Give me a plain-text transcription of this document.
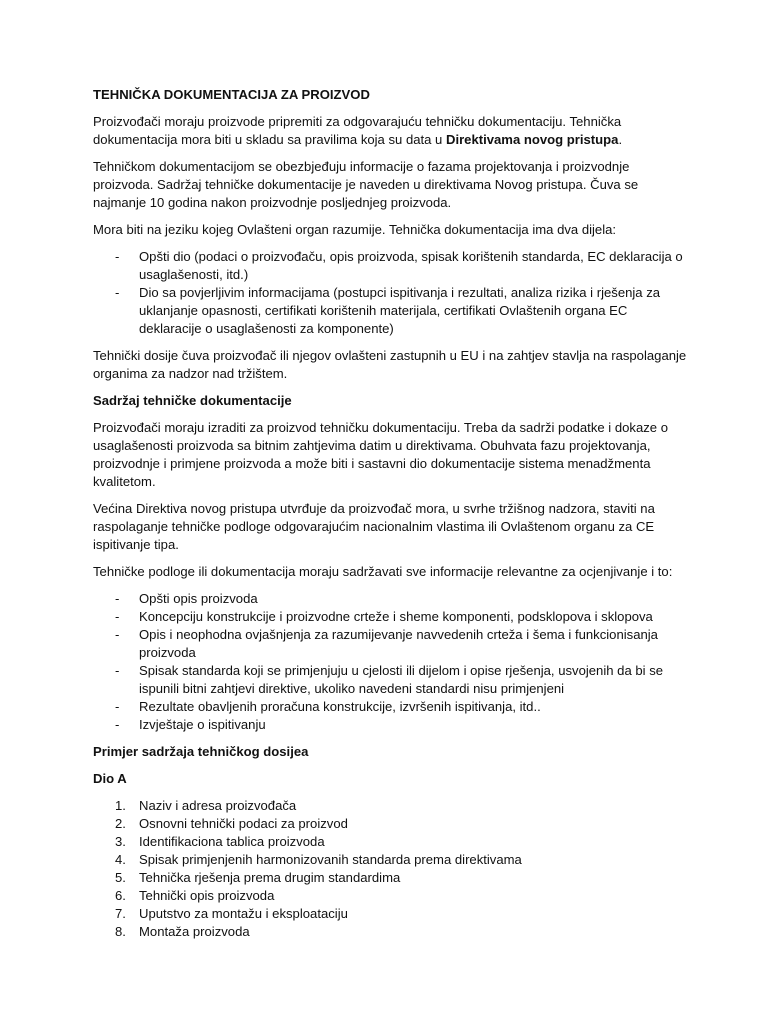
TEHNIČKA DOKUMENTACIJA ZA PROIZVOD

Proizvođači moraju proizvode pripremiti za odgovarajuću tehničku dokumentaciju. Tehnička dokumentacija mora biti u skladu sa pravilima koja su data u Direktivama novog pristupa.

Tehničkom dokumentacijom se obezbjeđuju informacije o fazama projektovanja i proizvodnje proizvoda. Sadržaj tehničke dokumentacije je naveden u direktivama Novog pristupa. Čuva se najmanje 10 godina nakon proizvodnje posljednjeg proizvoda.

Mora biti na jeziku kojeg Ovlašteni organ razumije. Tehnička dokumentacija ima dva dijela:

- Opšti dio (podaci o proizvođaču, opis proizvoda, spisak korištenih standarda, EC deklaracija o usaglašenosti, itd.)
- Dio sa povjerljivim informacijama (postupci ispitivanja i rezultati, analiza rizika i rješenja za uklanjanje opasnosti, certifikati korištenih materijala, certifikati Ovlaštenih organa EC deklaracije o usaglašenosti za komponente)

Tehnički dosije čuva proizvođač ili njegov ovlašteni zastupnih u EU i na zahtjev stavlja na raspolaganje organima za nadzor nad tržištem.

Sadržaj tehničke dokumentacije

Proizvođači moraju izraditi za proizvod tehničku dokumentaciju. Treba da sadrži podatke i dokaze o usaglašenosti proizvoda sa bitnim zahtjevima datim u direktivama. Obuhvata fazu projektovanja, proizvodnje i primjene proizvoda a može biti i sastavni dio dokumentacije sistema menadžmenta kvalitetom.

Većina Direktiva novog pristupa utvrđuje da proizvođač mora, u svrhe tržišnog nadzora, staviti na raspolaganje tehničke podloge odgovarajućim nacionalnim vlastima ili Ovlaštenom organu za CE ispitivanje tipa.

Tehničke podloge ili dokumentacija moraju sadržavati sve informacije relevantne za ocjenjivanje i to:

- Opšti opis proizvoda
- Koncepciju konstrukcije i proizvodne crteže i sheme komponenti, podsklopova i sklopova
- Opis i neophodna ovjašnjenja za razumijevanje navvedenih crteža i šema i funkcionisanja proizvoda
- Spisak standarda koji se primjenjuju u cjelosti ili dijelom i opise rješenja, usvojenih da bi se ispunili bitni zahtjevi direktive, ukoliko navedeni standardi nisu primjenjeni
- Rezultate obavljenih proračuna konstrukcije, izvršenih ispitivanja, itd..
- Izvještaje o ispitivanju
Primjer sadržaja tehničkog dosijea
Dio A
1. Naziv i adresa proizvođača
2. Osnovni tehnički podaci za proizvod
3. Identifikaciona tablica proizvoda
4. Spisak primjenjenih harmonizovanih standarda prema direktivama
5. Tehnička rješenja prema drugim standardima
6. Tehnički opis proizvoda
7. Uputstvo za montažu i eksploataciju
8. Montaža proizvoda
